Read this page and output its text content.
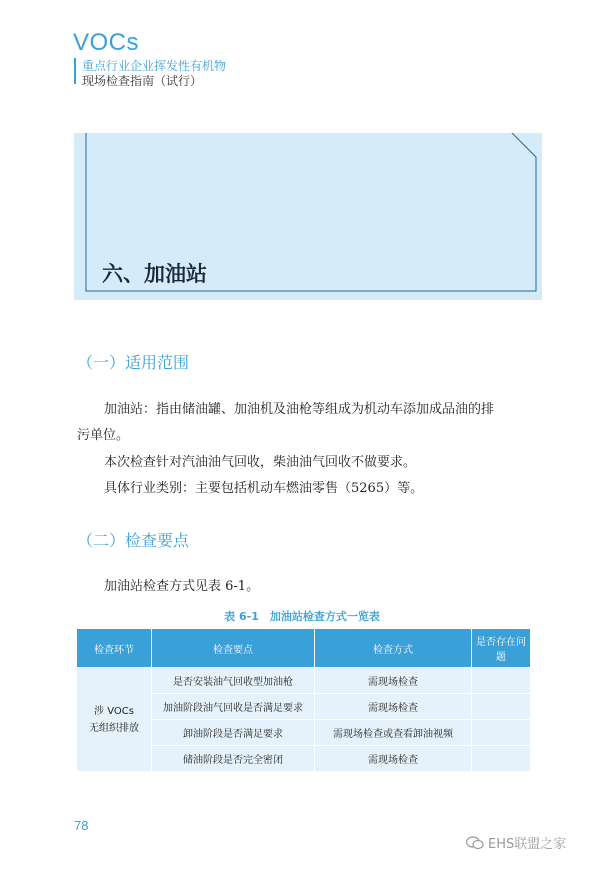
VOCs
重点行业企业挥发性有机物
现场检查指南（试行）
六、加油站
（一）适用范围
加油站：指由储油罐、加油机及油枪等组成为机动车添加成品油的排
污单位。
本次检查针对汽油油气回收，柴油油气回收不做要求。
具体行业类别：主要包括机动车燃油零售（5265）等。
（二）检查要点
加油站检查方式见表 6-1。
表 6-1　加油站检查方式一览表
检查环节	检查要点	检查方式	是否存在问题
涉 VOCs
无组织排放	是否安装油气回收型加油枪	需现场检查	
	加油阶段油气回收是否满足要求	需现场检查	
	卸油阶段是否满足要求	需现场检查或查看卸油视频	
	储油阶段是否完全密闭	需现场检查	
78
EHS联盟之家
